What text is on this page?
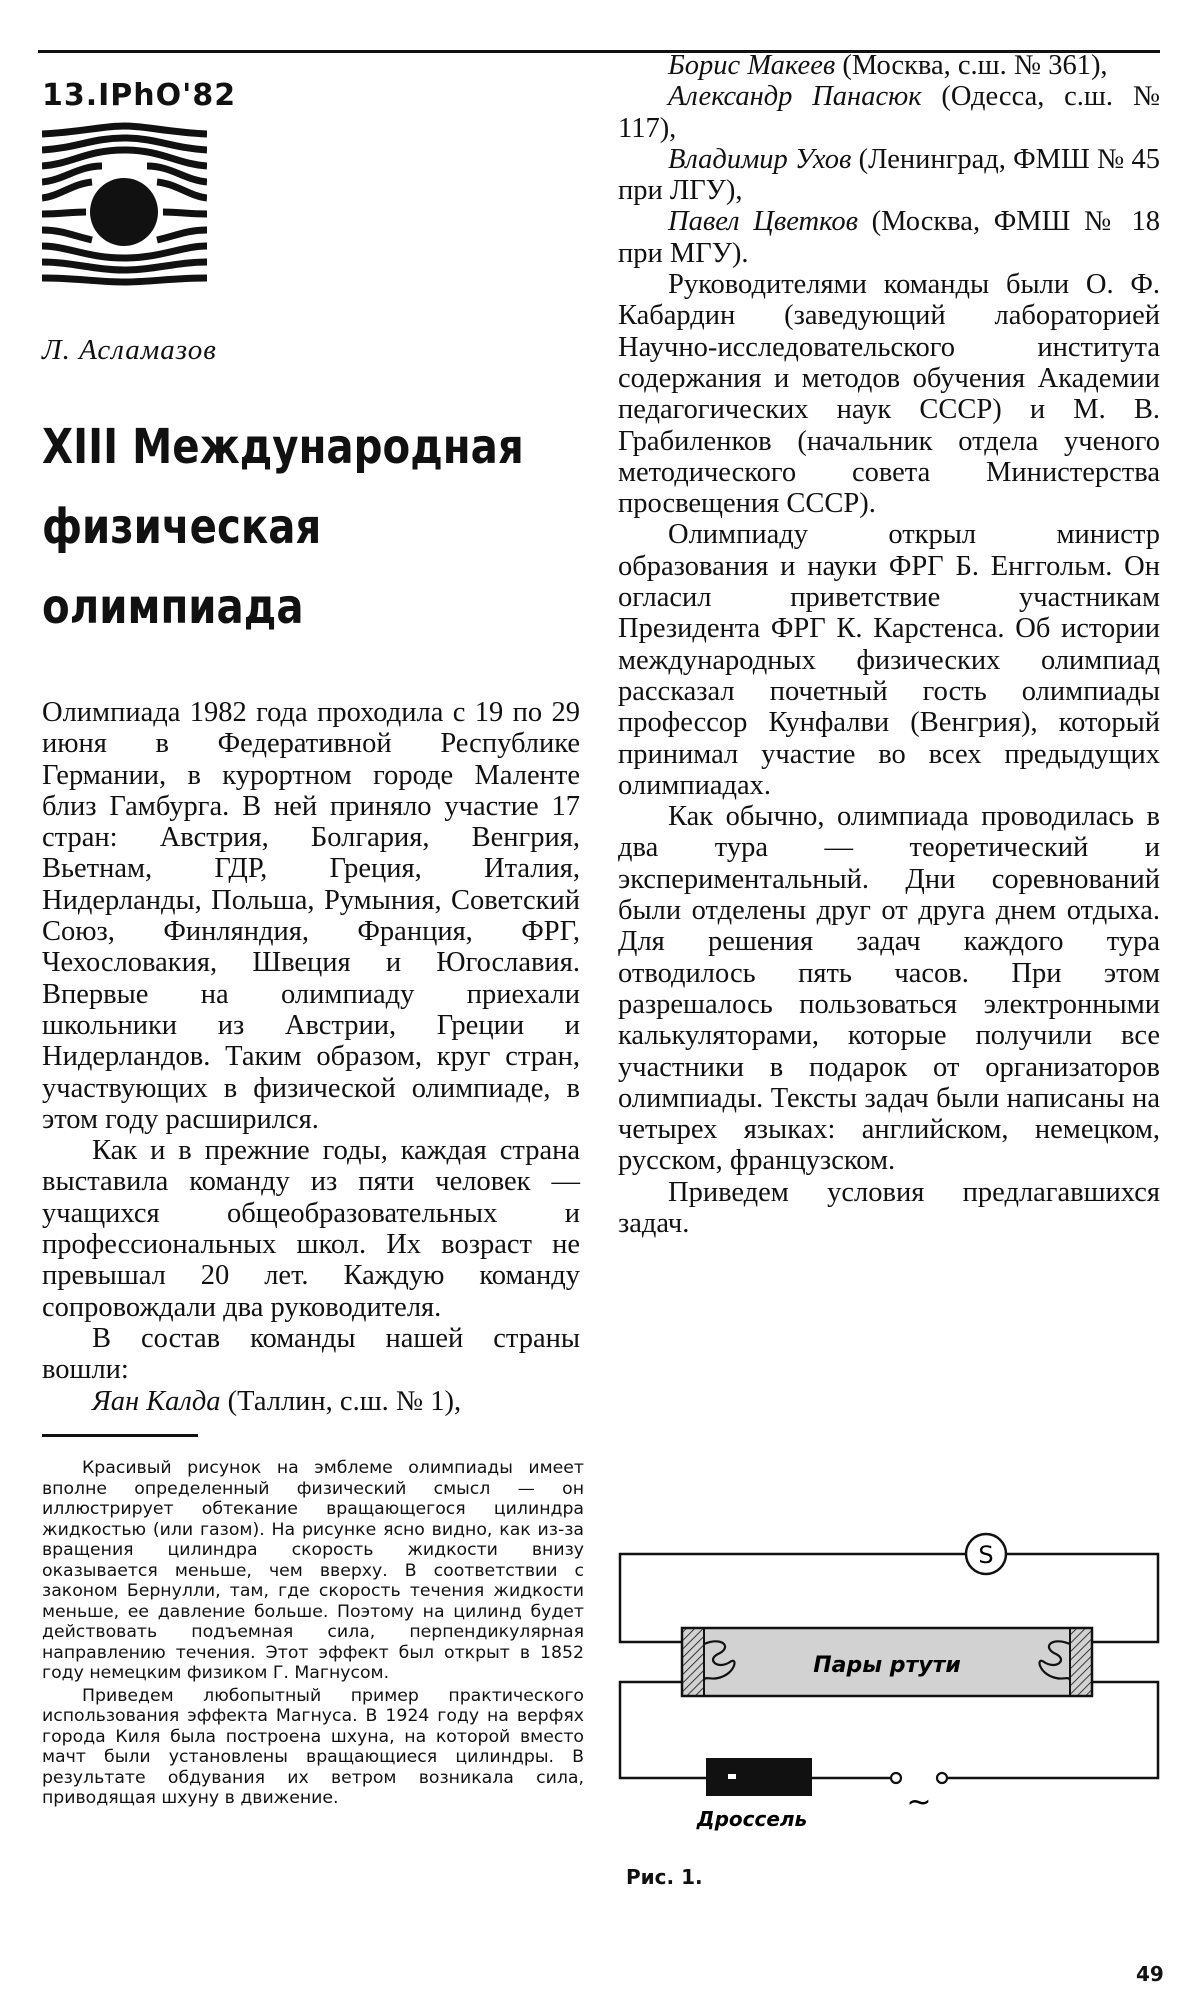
13.IPhO'82
Л. Асламазов
XIII Международная
физическая олимпиада

Олимпиада 1982 года проходила с 19 по 29 июня в Федеративной Республике Германии, в курортном городе Маленте близ Гамбурга. В ней приняло участие 17 стран: Австрия, Болгария, Венгрия, Вьетнам, ГДР, Греция, Италия, Нидерланды, Польша, Румыния, Советский Союз, Финляндия, Франция, ФРГ, Чехословакия, Швеция и Югославия. Впервые на олимпиаду приехали школьники из Австрии, Греции и Нидерландов. Таким образом, круг стран, участвующих в физической олимпиаде, в этом году расширился.

Как и в прежние годы, каждая страна выставила команду из пяти человек — учащихся общеобразовательных и профессиональных школ. Их возраст не превышал 20 лет. Каждую команду сопровождали два руководителя.

В состав команды нашей страны вошли:

Яан Калда (Таллин, с.ш. № 1),

Борис Макеев (Москва, с.ш. № 361),

Александр Панасюк (Одесса, с.ш. № 117),

Владимир Ухов (Ленинград, ФМШ № 45 при ЛГУ),

Павел Цветков (Москва, ФМШ № 18 при МГУ).

Руководителями команды были О. Ф. Кабардин (заведующий лабораторией Научно-исследовательского института содержания и методов обучения Академии педагогических наук СССР) и М. В. Грабиленков (начальник отдела ученого методического совета Министерства просвещения СССР).

Олимпиаду открыл министр образования и науки ФРГ Б. Енггольм. Он огласил приветствие участникам Президента ФРГ К. Карстенса. Об истории международных физических олимпиад рассказал почетный гость олимпиады профессор Кунфалви (Венгрия), который принимал участие во всех предыдущих олимпиадах.

Как обычно, олимпиада проводилась в два тура — теоретический и экспериментальный. Дни соревнований были отделены друг от друга днем отдыха. Для решения задач каждого тура отводилось пять часов. При этом разрешалось пользоваться электронными калькуляторами, которые получили все участники в подарок от организаторов олимпиады. Тексты задач были написаны на четырех языках: английском, немецком, русском, французском.

Приведем условия предлагавшихся задач.

Красивый рисунок на эмблеме олимпиады имеет вполне определенный физический смысл — он иллюстрирует обтекание вращающегося цилиндра жидкостью (или газом). На рисунке ясно видно, как из-за вращения цилиндра скорость жидкости внизу оказывается меньше, чем вверху. В соответствии с законом Бернулли, там, где скорость течения жидкости меньше, ее давление больше. Поэтому на цилинд будет действовать подъемная сила, перпендикулярная направлению течения. Этот эффект был открыт в 1852 году немецким физиком Г. Магнусом.

Приведем любопытный пример практического использования эффекта Магнуса. В 1924 году на верфях города Киля была построена шхуна, на которой вместо мачт были установлены вращающиеся цилиндры. В результате обдувания их ветром возникала сила, приводящая шхуну в движение.

S
Пары ртути
Дроссель	~
Рис. 1.
49
